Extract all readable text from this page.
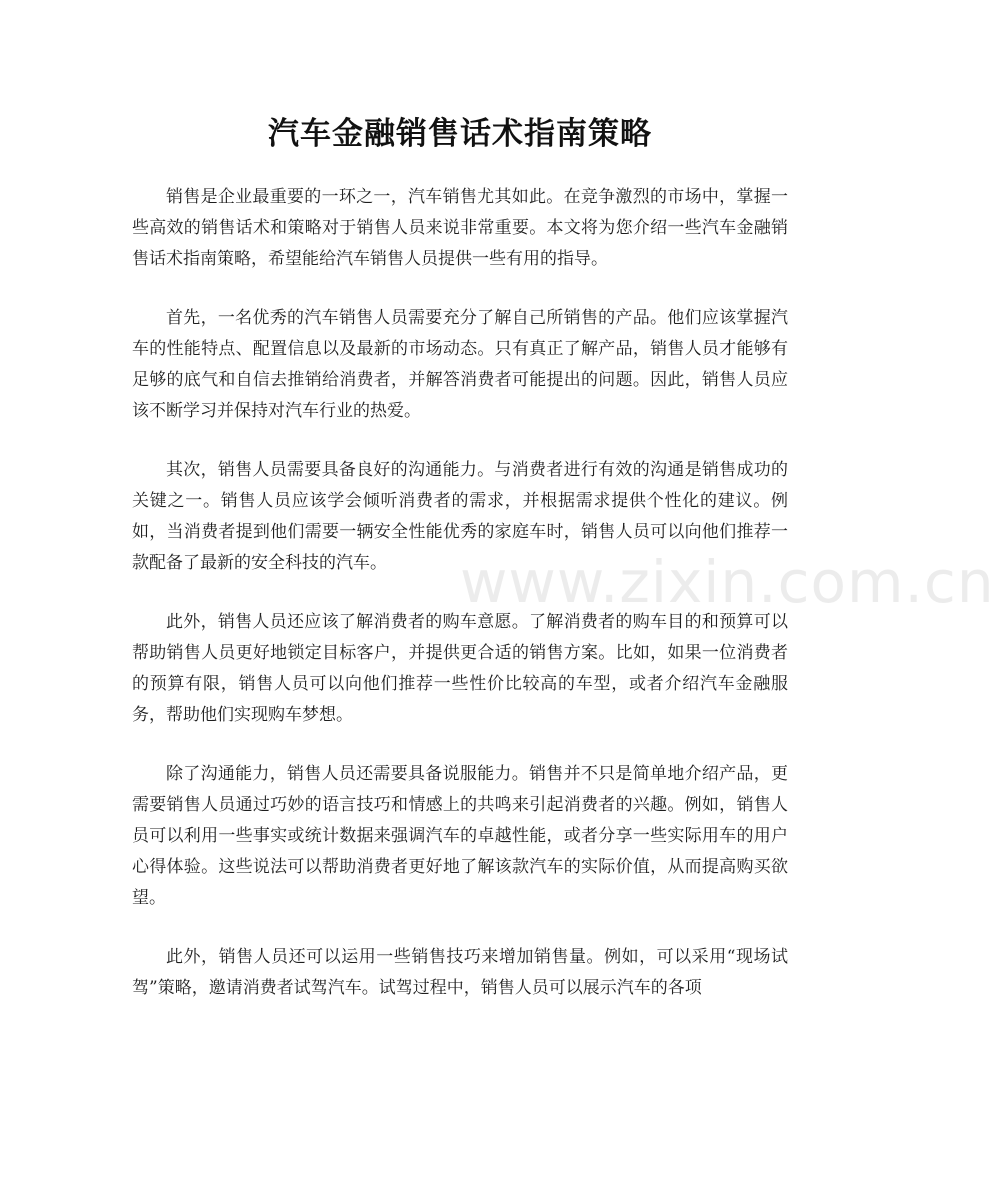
汽车金融销售话术指南策略

销售是企业最重要的一环之一，汽车销售尤其如此。在竞争激烈的市场中，掌握一些高效的销售话术和策略对于销售人员来说非常重要。本文将为您介绍一些汽车金融销售话术指南策略，希望能给汽车销售人员提供一些有用的指导。

首先，一名优秀的汽车销售人员需要充分了解自己所销售的产品。他们应该掌握汽车的性能特点、配置信息以及最新的市场动态。只有真正了解产品，销售人员才能够有足够的底气和自信去推销给消费者，并解答消费者可能提出的问题。因此，销售人员应该不断学习并保持对汽车行业的热爱。

其次，销售人员需要具备良好的沟通能力。与消费者进行有效的沟通是销售成功的关键之一。销售人员应该学会倾听消费者的需求，并根据需求提供个性化的建议。例如，当消费者提到他们需要一辆安全性能优秀的家庭车时，销售人员可以向他们推荐一款配备了最新的安全科技的汽车。

此外，销售人员还应该了解消费者的购车意愿。了解消费者的购车目的和预算可以帮助销售人员更好地锁定目标客户，并提供更合适的销售方案。比如，如果一位消费者的预算有限，销售人员可以向他们推荐一些性价比较高的车型，或者介绍汽车金融服务，帮助他们实现购车梦想。

除了沟通能力，销售人员还需要具备说服能力。销售并不只是简单地介绍产品，更需要销售人员通过巧妙的语言技巧和情感上的共鸣来引起消费者的兴趣。例如，销售人员可以利用一些事实或统计数据来强调汽车的卓越性能，或者分享一些实际用车的用户心得体验。这些说法可以帮助消费者更好地了解该款汽车的实际价值，从而提高购买欲望。

此外，销售人员还可以运用一些销售技巧来增加销售量。例如，可以采用“现场试驾”策略，邀请消费者试驾汽车。试驾过程中，销售人员可以展示汽车的各项

www.zixin.com.cn
